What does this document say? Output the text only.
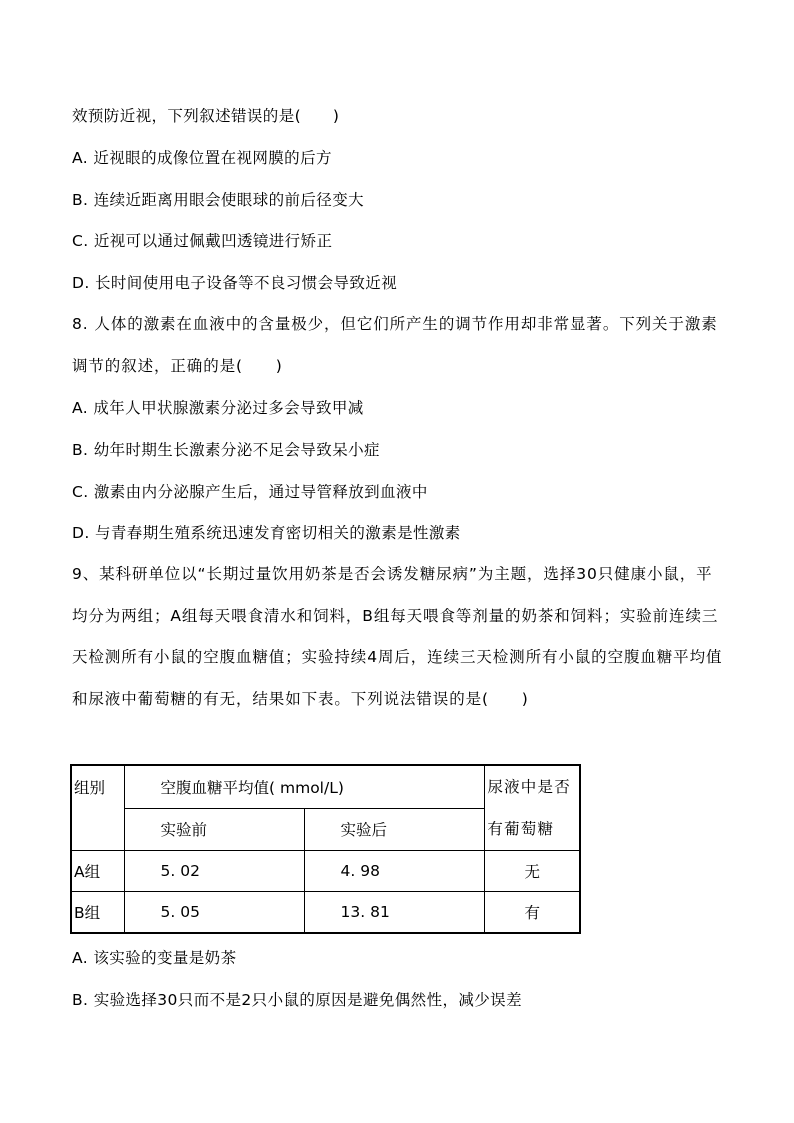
效预防近视，下列叙述错误的是(　　)
A. 近视眼的成像位置在视网膜的后方
B. 连续近距离用眼会使眼球的前后径变大
C. 近视可以通过佩戴凹透镜进行矫正
D. 长时间使用电子设备等不良习惯会导致近视
8. 人体的激素在血液中的含量极少，但它们所产生的调节作用却非常显著。下列关于激素调节的叙述，正确的是(　　)
A. 成年人甲状腺激素分泌过多会导致甲减
B. 幼年时期生长激素分泌不足会导致呆小症
C. 激素由内分泌腺产生后，通过导管释放到血液中
D. 与青春期生殖系统迅速发育密切相关的激素是性激素
9、某科研单位以“长期过量饮用奶茶是否会诱发糖尿病”为主题，选择30只健康小鼠，平均分为两组；A组每天喂食清水和饲料，B组每天喂食等剂量的奶茶和饲料；实验前连续三天检测所有小鼠的空腹血糖值；实验持续4周后，连续三天检测所有小鼠的空腹血糖平均值和尿液中葡萄糖的有无，结果如下表。下列说法错误的是(　　)
组别	空腹血糖平均值( mmol/L)		尿液中是否有葡萄糖
	实验前	实验后	
A组	5. 02	4. 98	无
B组	5. 05	13. 81	有
A. 该实验的变量是奶茶
B. 实验选择30只而不是2只小鼠的原因是避免偶然性，减少误差
